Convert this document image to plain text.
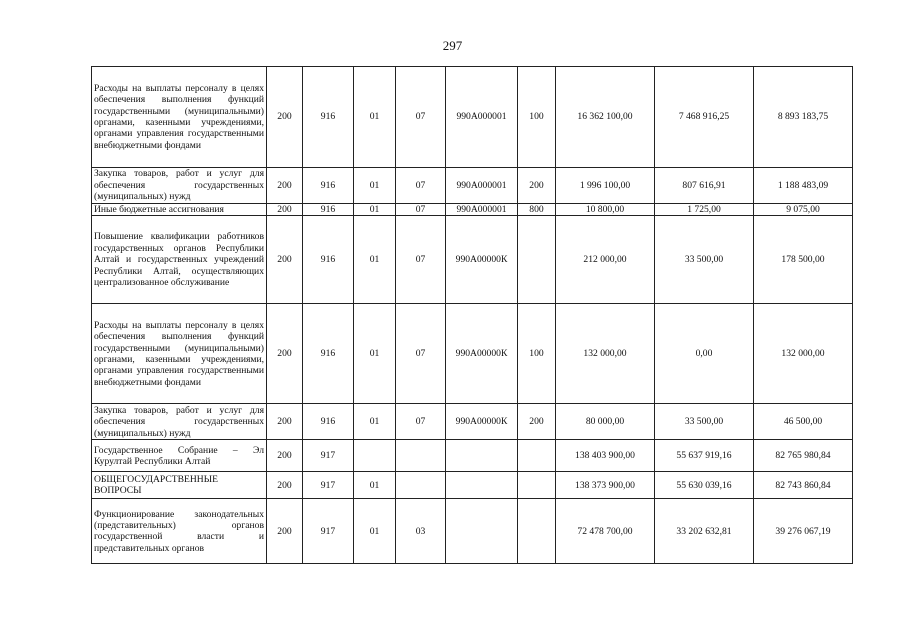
297
Расходы на выплаты персоналу в целях обеспечения выполнения функций государственными (муниципальными) органами, казенными учреждениями, органами управления государственными внебюджетными фондами	200	916	01	07	990А000001	100	16 362 100,00	7 468 916,25	8 893 183,75
Закупка товаров, работ и услуг для обеспечения государственных (муниципальных) нужд	200	916	01	07	990А000001	200	1 996 100,00	807 616,91	1 188 483,09
Иные бюджетные ассигнования	200	916	01	07	990А000001	800	10 800,00	1 725,00	9 075,00
Повышение квалификации работников государственных органов Республики Алтай и государственных учреждений Республики Алтай, осуществляющих централизованное обслуживание	200	916	01	07	990А00000К		212 000,00	33 500,00	178 500,00
Расходы на выплаты персоналу в целях обеспечения выполнения функций государственными (муниципальными) органами, казенными учреждениями, органами управления государственными внебюджетными фондами	200	916	01	07	990А00000К	100	132 000,00	0,00	132 000,00
Закупка товаров, работ и услуг для обеспечения государственных (муниципальных) нужд	200	916	01	07	990А00000К	200	80 000,00	33 500,00	46 500,00
Государственное Собрание – Эл Курултай Республики Алтай	200	917					138 403 900,00	55 637 919,16	82 765 980,84
ОБЩЕГОСУДАРСТВЕННЫЕ ВОПРОСЫ	200	917	01				138 373 900,00	55 630 039,16	82 743 860,84
Функционирование законодательных (представительных) органов государственной власти и представительных органов	200	917	01	03			72 478 700,00	33 202 632,81	39 276 067,19
